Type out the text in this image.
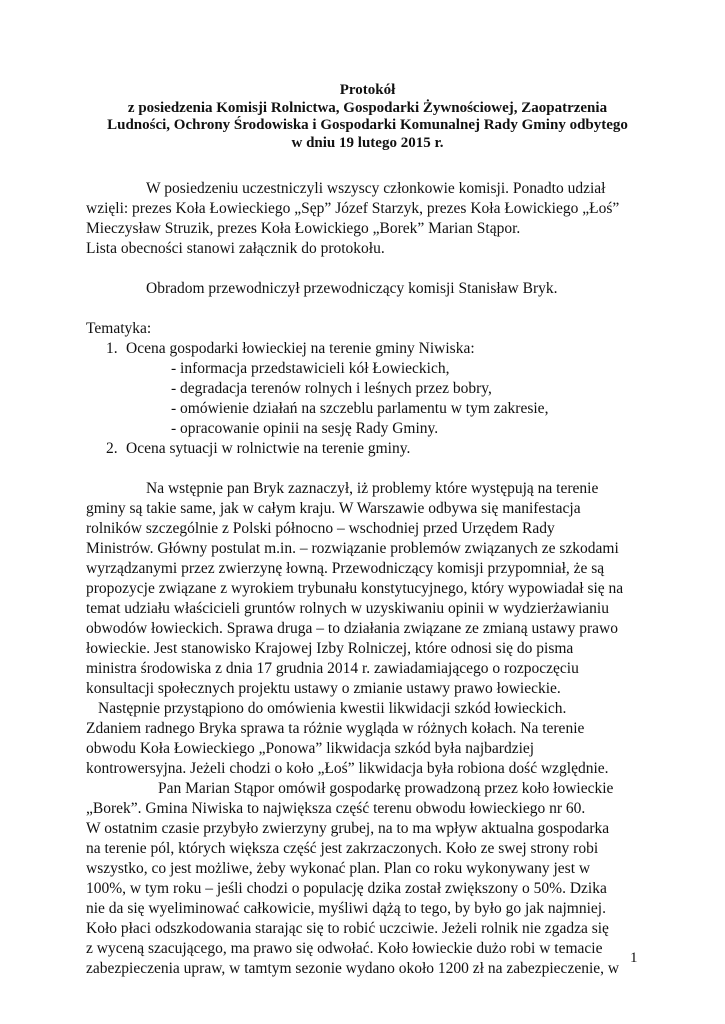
Protokół
z posiedzenia Komisji Rolnictwa, Gospodarki Żywnościowej, Zaopatrzenia
Ludności, Ochrony Środowiska i Gospodarki Komunalnej Rady Gminy odbytego
w dniu 19 lutego 2015 r.
W posiedzeniu uczestniczyli wszyscy członkowie komisji. Ponadto udział
wzięli: prezes Koła Łowieckiego „Sęp” Józef Starzyk, prezes Koła Łowickiego „Łoś”
Mieczysław Struzik, prezes Koła Łowickiego „Borek” Marian Stąpor.
Lista obecności stanowi załącznik do protokołu.
Obradom przewodniczył przewodniczący komisji Stanisław Bryk.
Tematyka:
1. Ocena gospodarki łowieckiej na terenie gminy Niwiska:
- informacja przedstawicieli kół Łowieckich,
- degradacja terenów rolnych i leśnych przez bobry,
- omówienie działań na szczeblu parlamentu w tym zakresie,
- opracowanie opinii na sesję Rady Gminy.
2. Ocena sytuacji w rolnictwie na terenie gminy.
Na wstępnie pan Bryk zaznaczył, iż problemy które występują na terenie
gminy są takie same, jak w całym kraju. W Warszawie odbywa się manifestacja
rolników szczególnie z Polski północno – wschodniej przed Urzędem Rady
Ministrów. Główny postulat m.in. – rozwiązanie problemów związanych ze szkodami
wyrządzanymi przez zwierzynę łowną. Przewodniczący komisji przypomniał, że są
propozycje związane z wyrokiem trybunału konstytucyjnego, który wypowiadał się na
temat udziału właścicieli gruntów rolnych w uzyskiwaniu opinii w wydzierżawianiu
obwodów łowieckich. Sprawa druga – to działania związane ze zmianą ustawy prawo
łowieckie. Jest stanowisko Krajowej Izby Rolniczej, które odnosi się do pisma
ministra środowiska z dnia 17 grudnia 2014 r. zawiadamiającego o rozpoczęciu
konsultacji społecznych projektu ustawy o zmianie ustawy prawo łowieckie.
Następnie przystąpiono do omówienia kwestii likwidacji szkód łowieckich.
Zdaniem radnego Bryka sprawa ta różnie wygląda w różnych kołach. Na terenie
obwodu Koła Łowieckiego „Ponowa” likwidacja szkód była najbardziej
kontrowersyjna. Jeżeli chodzi o koło „Łoś” likwidacja była robiona dość względnie.
Pan Marian Stąpor omówił gospodarkę prowadzoną przez koło łowieckie
„Borek”. Gmina Niwiska to największa część terenu obwodu łowieckiego nr 60.
W ostatnim czasie przybyło zwierzyny grubej, na to ma wpływ aktualna gospodarka
na terenie pól, których większa część jest zakrzaczonych. Koło ze swej strony robi
wszystko, co jest możliwe, żeby wykonać plan. Plan co roku wykonywany jest w
100%, w tym roku – jeśli chodzi o populację dzika został zwiększony o 50%. Dzika
nie da się wyeliminować całkowicie, myśliwi dążą to tego, by było go jak najmniej.
Koło płaci odszkodowania starając się to robić uczciwie. Jeżeli rolnik nie zgadza się
z wyceną szacującego, ma prawo się odwołać. Koło łowieckie dużo robi w temacie
zabezpieczenia upraw, w tamtym sezonie wydano około 1200 zł na zabezpieczenie, w
1
